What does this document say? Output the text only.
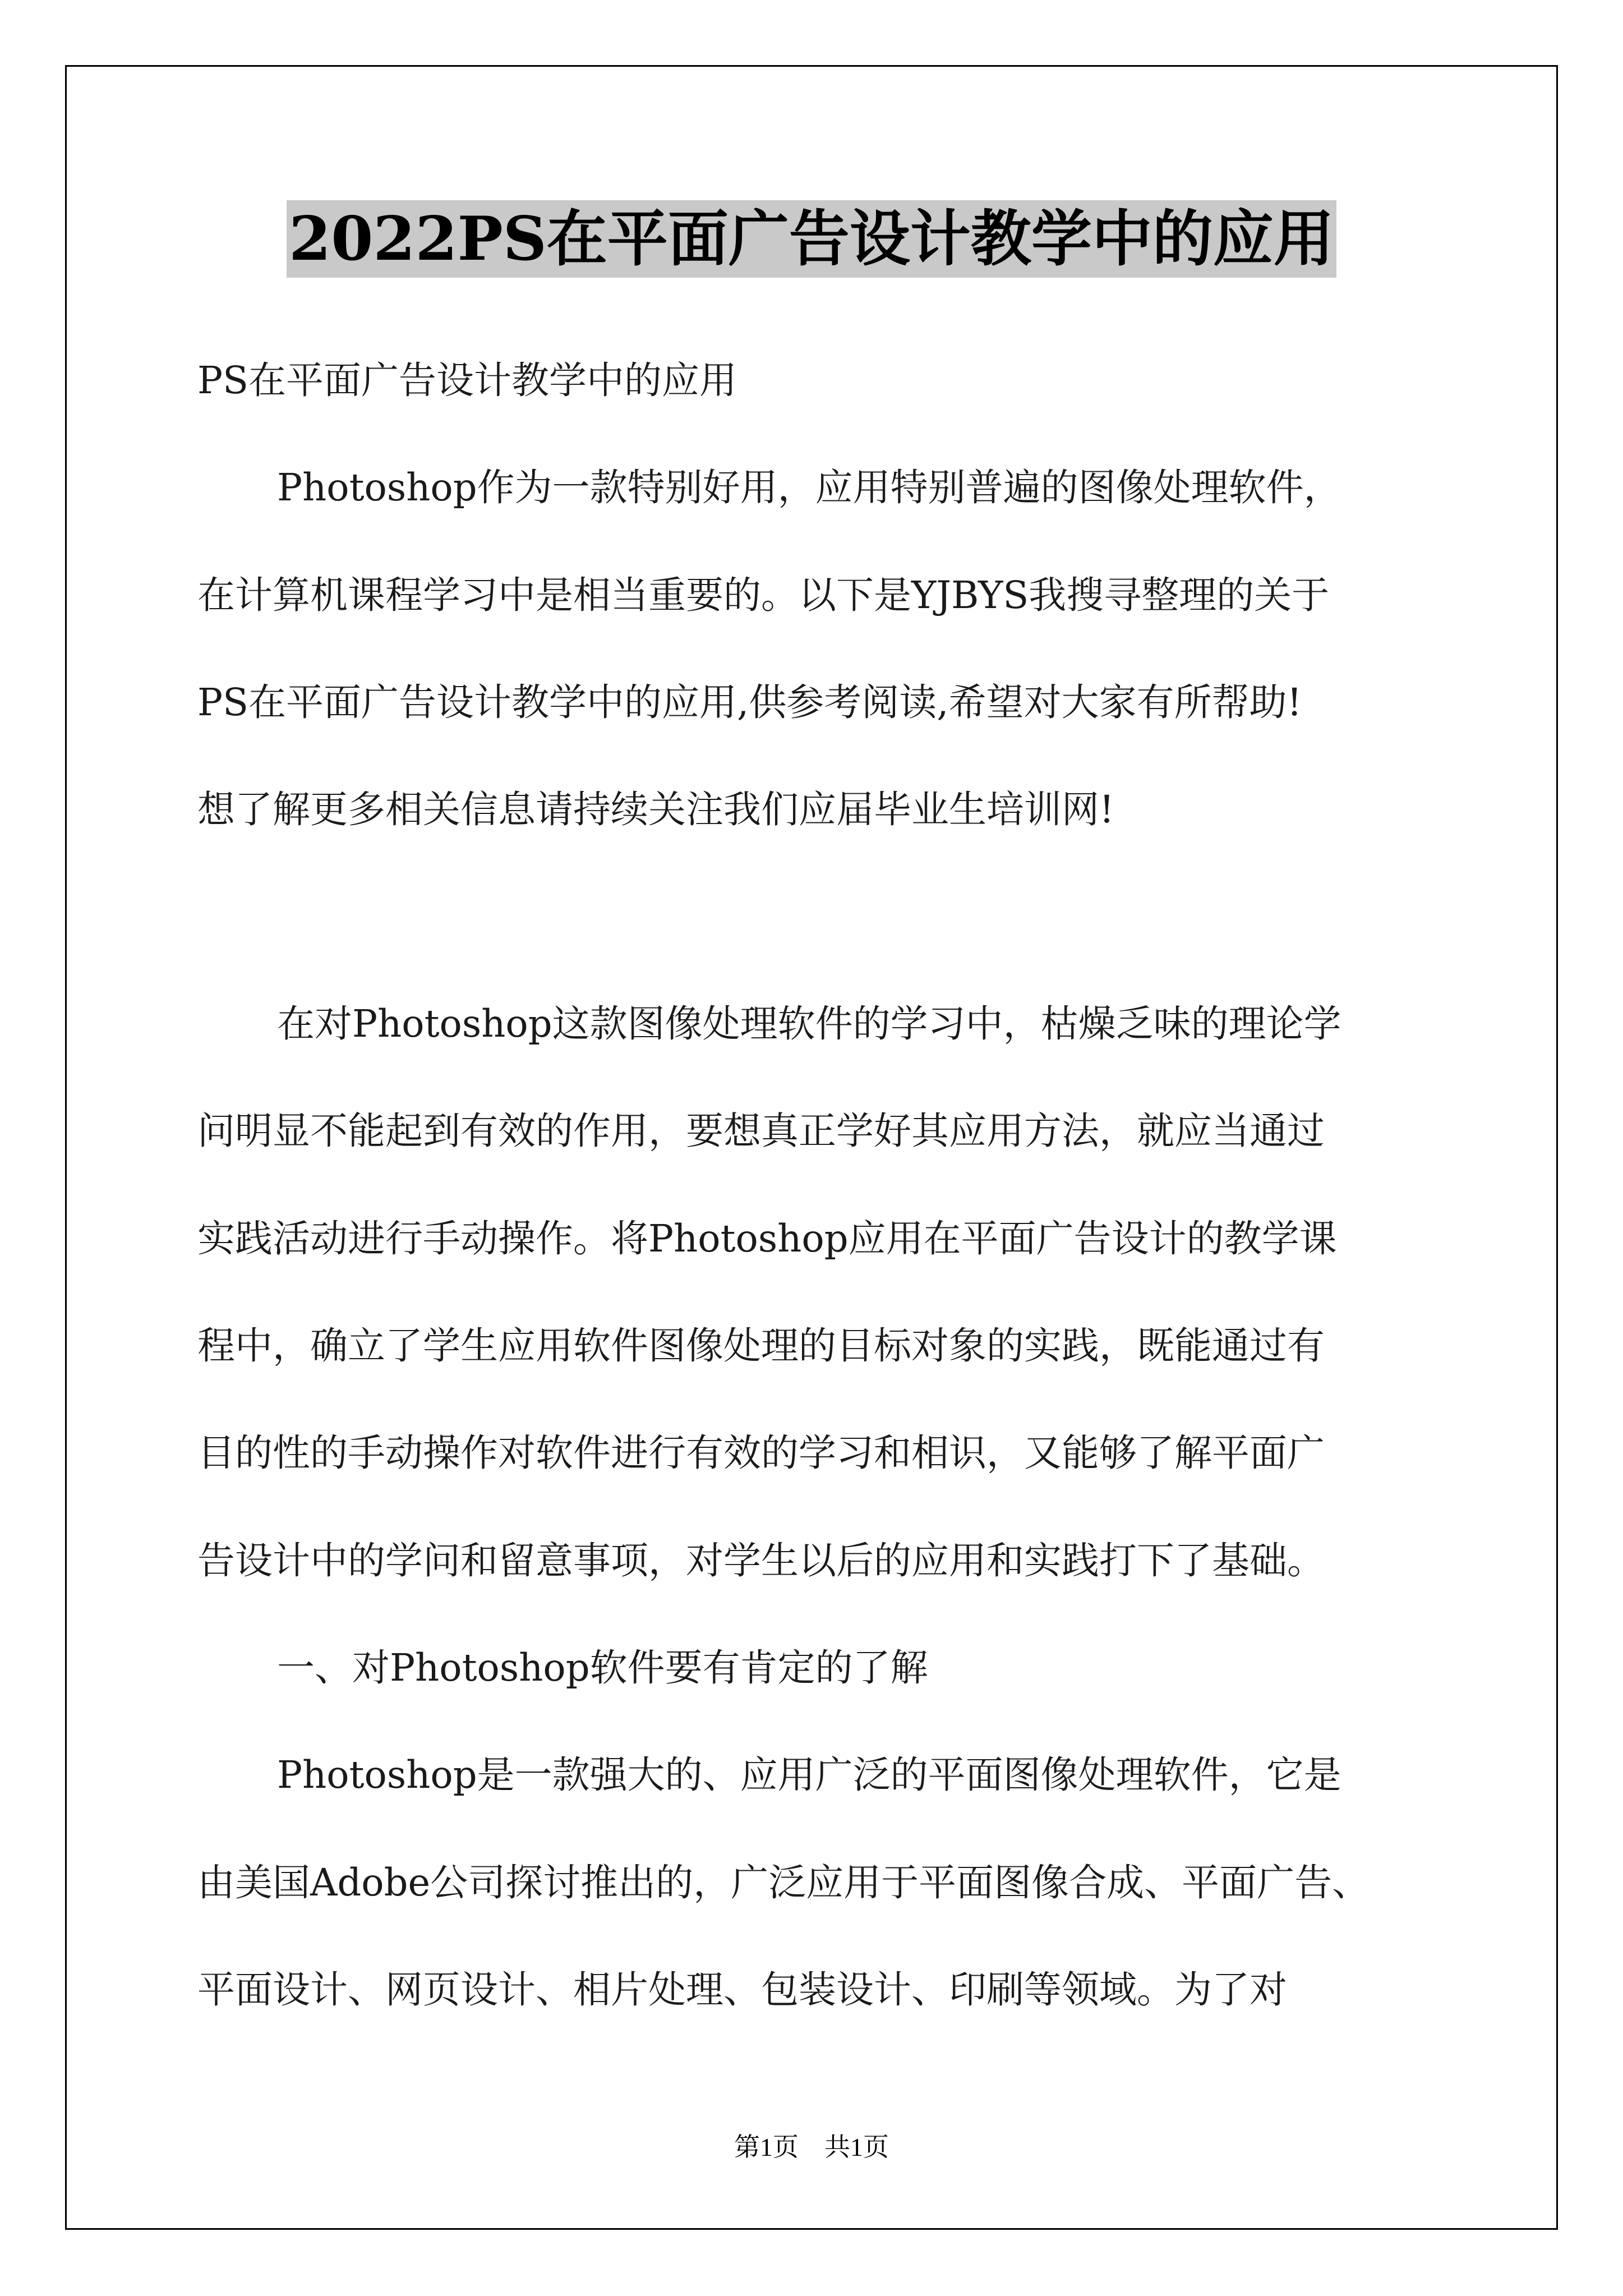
2022PS在平面广告设计教学中的应用

PS在平面广告设计教学中的应用

Photoshop作为一款特别好用，应用特别普遍的图像处理软件，

在计算机课程学习中是相当重要的。以下是YJBYS我搜寻整理的关于

PS在平面广告设计教学中的应用,供参考阅读,希望对大家有所帮助!

想了解更多相关信息请持续关注我们应届毕业生培训网!

在对Photoshop这款图像处理软件的学习中，枯燥乏味的理论学

问明显不能起到有效的作用，要想真正学好其应用方法，就应当通过

实践活动进行手动操作。将Photoshop应用在平面广告设计的教学课

程中，确立了学生应用软件图像处理的目标对象的实践，既能通过有

目的性的手动操作对软件进行有效的学习和相识，又能够了解平面广

告设计中的学问和留意事项，对学生以后的应用和实践打下了基础。

一、对Photoshop软件要有肯定的了解

Photoshop是一款强大的、应用广泛的平面图像处理软件，它是

由美国Adobe公司探讨推出的，广泛应用于平面图像合成、平面广告、

平面设计、网页设计、相片处理、包装设计、印刷等领域。为了对

第1页　共1页
